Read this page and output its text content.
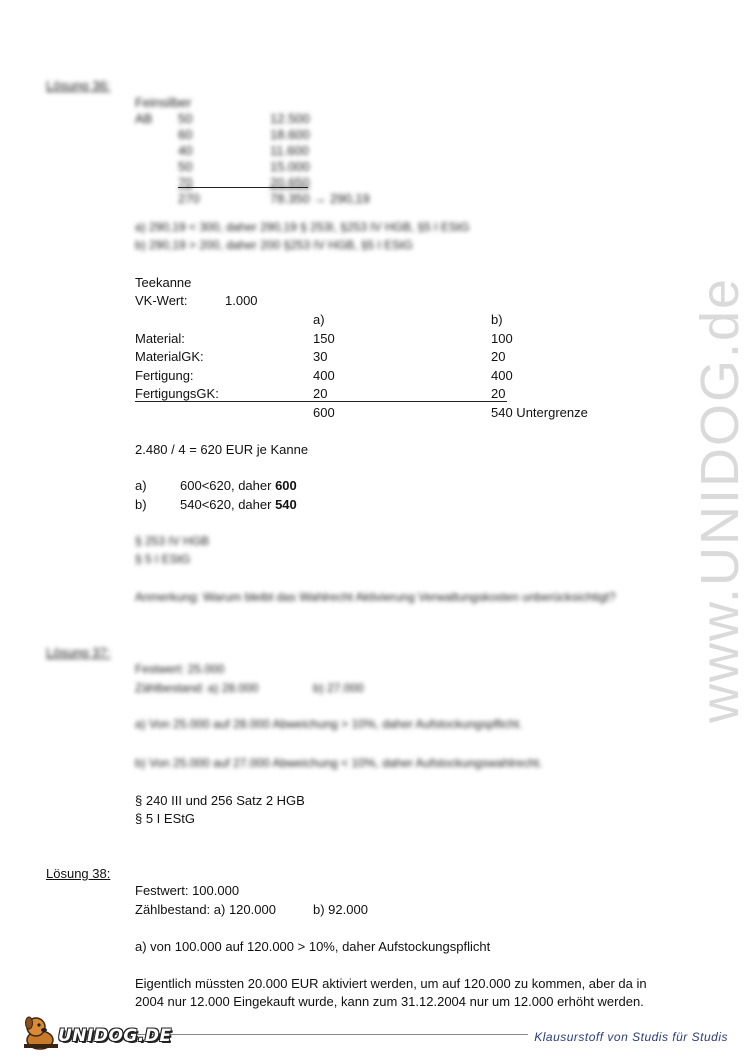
www.UNIDOG.de
Lösung 36:
Feinsilber
AB 50	12.500
60	18.600
40	11.600
50	15.000
70	20.650
270	78.350 → 290,19
a) 290,19 < 300, daher 290,19 § 253I, §253 IV HGB, §5 I EStG
b) 290,19 > 200, daher 200 §253 IV HGB, §5 I EStG
Teekanne
VK-Wert:	1.000
a)	b)
Material:	150	100
MaterialGK:	30	20
Fertigung:	400	400
FertigungsGK:	20	20
600	540 Untergrenze
2.480 / 4 = 620 EUR je Kanne
a)	600<620, daher 600
b)	540<620, daher 540
§ 253 IV HGB
§ 5 I EStG
Anmerkung: Warum bleibt das Wahlrecht Aktivierung Verwaltungskosten unberücksichtigt?
Lösung 37:
Festwert: 25.000
Zählbestand: a) 28.000	b) 27.000
a) Von 25.000 auf 28.000 Abweichung > 10%, daher Aufstockungspflicht.
b) Von 25.000 auf 27.000 Abweichung < 10%, daher Aufstockungswahlrecht.
§ 240 III und 256 Satz 2 HGB
§ 5 I EStG
Lösung 38:
Festwert: 100.000
Zählbestand: a) 120.000	b) 92.000
a) von 100.000 auf 120.000 > 10%, daher Aufstockungspflicht
Eigentlich müssten 20.000 EUR aktiviert werden, um auf 120.000 zu kommen, aber da in
2004 nur 12.000 Eingekauft wurde, kann zum 31.12.2004 nur um 12.000 erhöht werden.
UNIDOG.DE	Klausurstoff von Studis für Studis
